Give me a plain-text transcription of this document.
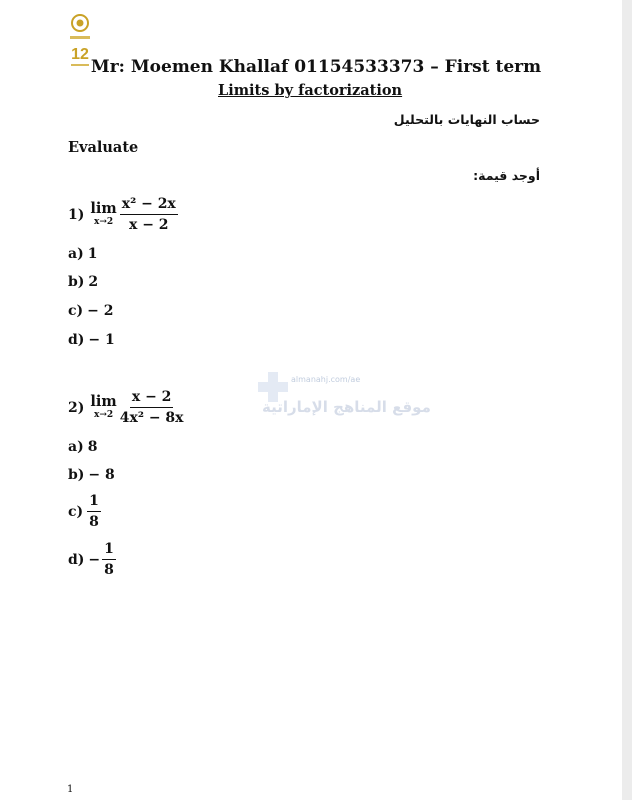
12
Mr: Moemen Khallaf 01154533373 – First term
Limits by factorization
حساب النهايات بالتحليل
Evaluate
أوجد قيمة:
1) lim
$x\to 2 \frac{\text{x² − 2x}}{x - 2}$
a) 1
b) 2
c) − 2
d) − 1
almanahj.com/ae
موقع المناهج الإماراتية
2) lim
$x\to 2 \frac{x - 2}{\text{4x² − 8x}}$
a) 8
b) − 8
$c) \frac{1}{8}$
$d) - \frac{1}{8}$
1
